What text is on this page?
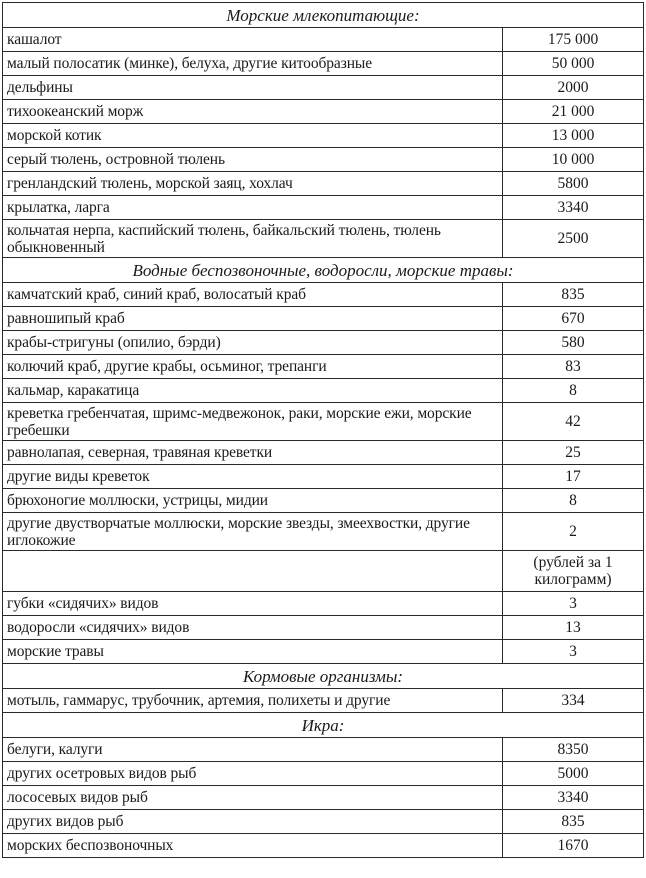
Морские млекопитающие:	
кашалот	175 000
малый полосатик (минке), белуха, другие китообразные	50 000
дельфины	2000
тихоокеанский морж	21 000
морской котик	13 000
серый тюлень, островной тюлень	10 000
гренландский тюлень, морской заяц, хохлач	5800
крылатка, ларга	3340
кольчатая нерпа, каспийский тюлень, байкальский тюлень, тюлень обыкновенный	2500
Водные беспозвоночные, водоросли, морские травы:	
камчатский краб, синий краб, волосатый краб	835
равношипый краб	670
крабы-стригуны (опилио, бэрди)	580
колючий краб, другие крабы, осьминог, трепанги	83
кальмар, каракатица	8
креветка гребенчатая, шримс-медвежонок, раки, морские ежи, морские гребешки	42
равнолапая, северная, травяная креветки	25
другие виды креветок	17
брюхоногие моллюски, устрицы, мидии	8
другие двустворчатые моллюски, морские звезды, змеехвостки, другие иглокожие	2
	(рублей за 1 килограмм)
губки «сидячих» видов	3
водоросли «сидячих» видов	13
морские травы	3
Кормовые организмы:	
мотыль, гаммарус, трубочник, артемия, полихеты и другие	334
Икра:	
белуги, калуги	8350
других осетровых видов рыб	5000
лососевых видов рыб	3340
других видов рыб	835
морских беспозвоночных	1670
